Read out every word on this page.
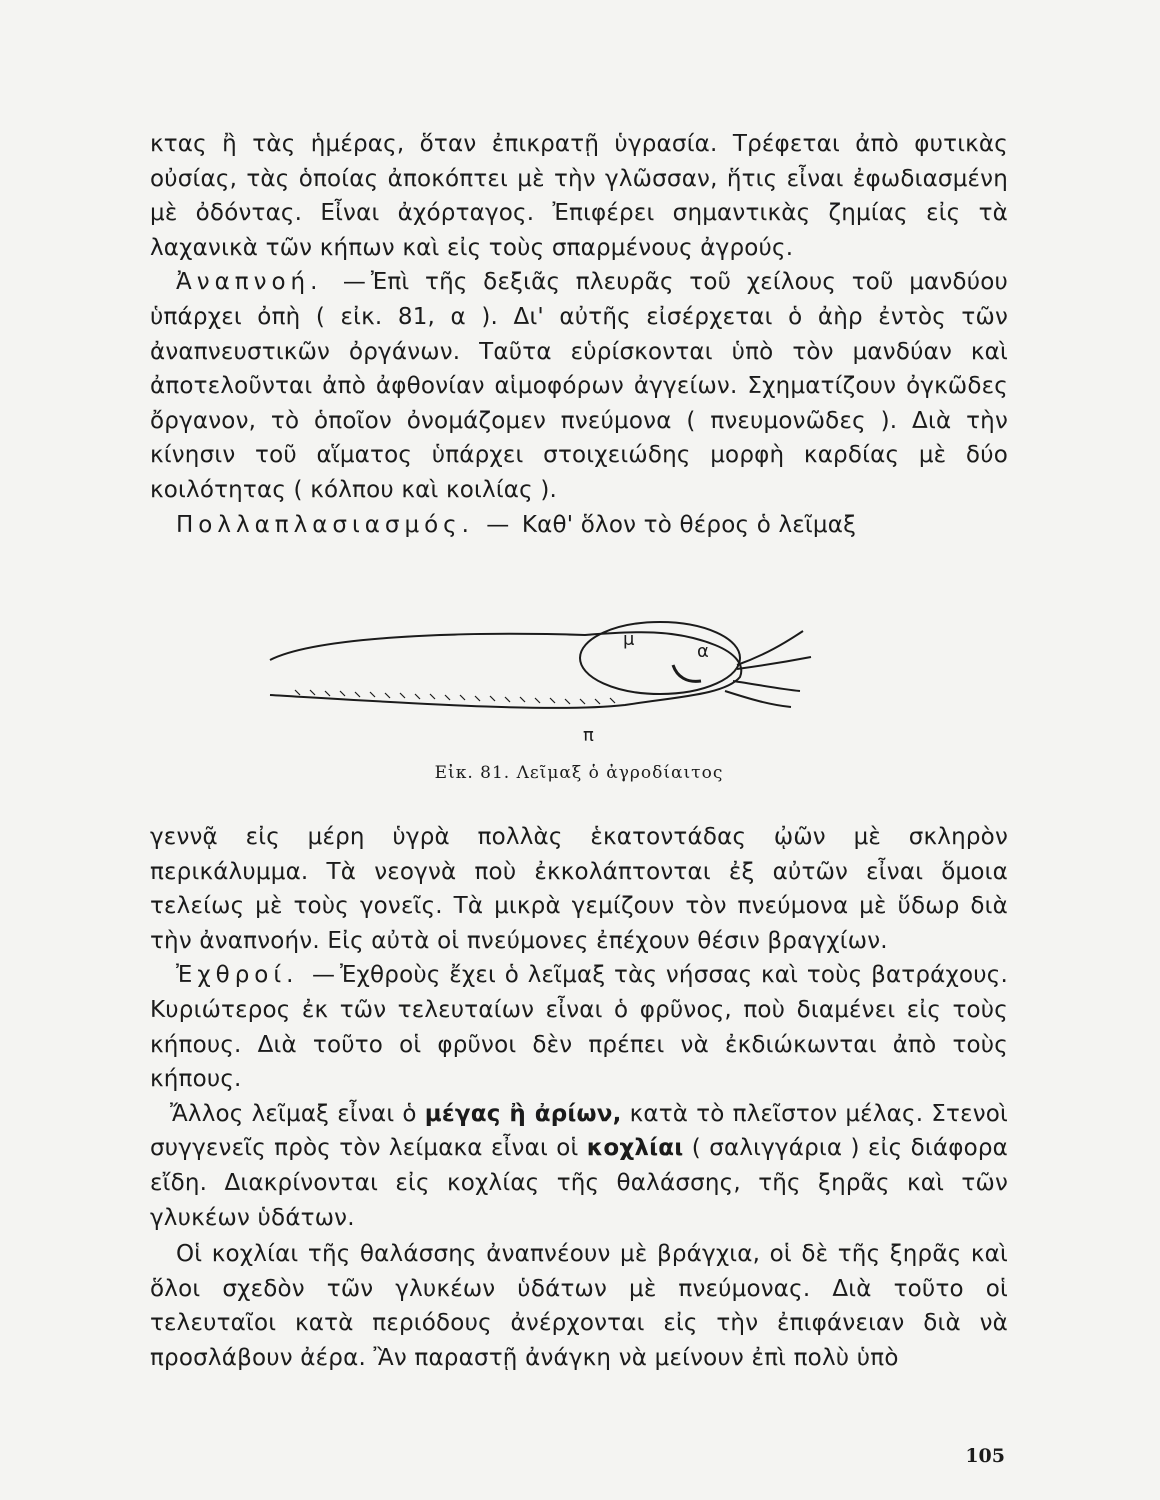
κτας ἢ τὰς ἡμέρας, ὅταν ἐπικρατῇ ὑγρασία. Τρέφεται ἀπὸ φυτικὰς οὐσίας, τὰς ὁποίας ἀποκόπτει μὲ τὴν γλῶσσαν, ἥτις εἶναι ἐφωδιασμένη μὲ ὀδόντας. Εἶναι ἀχόρταγος. Ἐπιφέρει σημαντικὰς ζημίας εἰς τὰ λαχανικὰ τῶν κήπων καὶ εἰς τοὺς σπαρμένους ἀγρούς.

Ἀναπνοή. —Ἐπὶ τῆς δεξιᾶς πλευρᾶς τοῦ χείλους τοῦ μανδύου ὑπάρχει ὀπὴ ( εἰκ. 81, α ). Δι' αὐτῆς εἰσέρχεται ὁ ἀὴρ ἐντὸς τῶν ἀναπνευστικῶν ὀργάνων. Ταῦτα εὑρίσκονται ὑπὸ τὸν μανδύαν καὶ ἀποτελοῦνται ἀπὸ ἀφθονίαν αἱμοφόρων ἀγγείων. Σχηματίζουν ὀγκῶδες ὄργανον, τὸ ὁποῖον ὀνομάζομεν πνεύμονα ( πνευμονῶδες ). Διὰ τὴν κίνησιν τοῦ αἵματος ὑπάρχει στοιχειώδης μορφὴ καρδίας μὲ δύο κοιλότητας ( κόλπου καὶ κοιλίας ).

Πολλαπλασιασμός. — Καθ' ὅλον τὸ θέρος ὁ λεῖμαξ

μ
α
π
Εἰκ. 81. Λεῖμαξ ὁ ἀγροδίαιτος

γεννᾷ εἰς μέρη ὑγρὰ πολλὰς ἑκατοντάδας ᾠῶν μὲ σκληρὸν περικάλυμμα. Τὰ νεογνὰ ποὺ ἐκκολάπτονται ἐξ αὐτῶν εἶναι ὅμοια τελείως μὲ τοὺς γονεῖς. Τὰ μικρὰ γεμίζουν τὸν πνεύμονα μὲ ὕδωρ διὰ τὴν ἀναπνοήν. Εἰς αὐτὰ οἱ πνεύμονες ἐπέχουν θέσιν βραγχίων.

Ἐχθροί. —Ἐχθροὺς ἔχει ὁ λεῖμαξ τὰς νήσσας καὶ τοὺς βατράχους. Κυριώτερος ἐκ τῶν τελευταίων εἶναι ὁ φρῦνος, ποὺ διαμένει εἰς τοὺς κήπους. Διὰ τοῦτο οἱ φρῦνοι δὲν πρέπει νὰ ἐκδιώκωνται ἀπὸ τοὺς κήπους.

Ἄλλος λεῖμαξ εἶναι ὁ μέγας ἢ ἀρίων, κατὰ τὸ πλεῖστον μέλας. Στενοὶ συγγενεῖς πρὸς τὸν λείμακα εἶναι οἱ κοχλίαι ( σαλιγγάρια ) εἰς διάφορα εἴδη. Διακρίνονται εἰς κοχλίας τῆς θαλάσσης, τῆς ξηρᾶς καὶ τῶν γλυκέων ὑδάτων.

Οἱ κοχλίαι τῆς θαλάσσης ἀναπνέουν μὲ βράγχια, οἱ δὲ τῆς ξηρᾶς καὶ ὅλοι σχεδὸν τῶν γλυκέων ὑδάτων μὲ πνεύμονας. Διὰ τοῦτο οἱ τελευταῖοι κατὰ περιόδους ἀνέρχονται εἰς τὴν ἐπιφάνειαν διὰ νὰ προσλάβουν ἀέρα. Ἂν παραστῇ ἀνάγκη νὰ μείνουν ἐπὶ πολὺ ὑπὸ

105
